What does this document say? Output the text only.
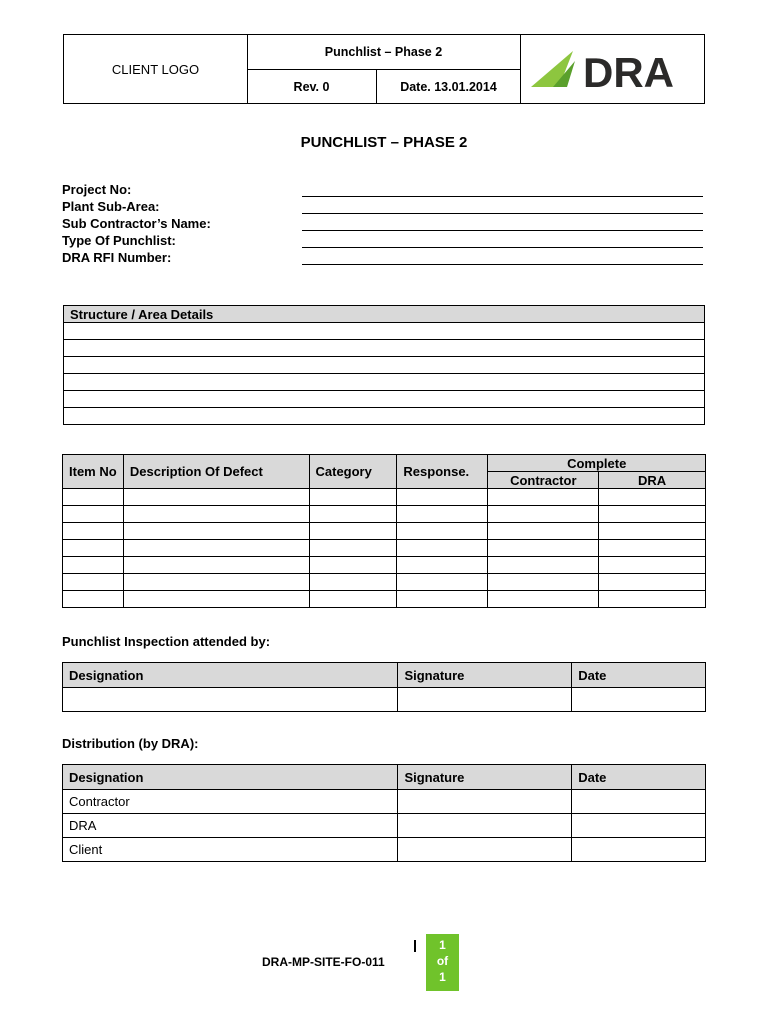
CLIENT LOGO
Punchlist – Phase 2
Rev. 0	Date. 13.01.2014	DRA
PUNCHLIST – PHASE 2
Project No:
Plant Sub-Area:
Sub Contractor’s Name:
Type Of Punchlist:
DRA RFI Number:
Structure / Area Details

Item No	Description Of Defect	Category	Response.	Complete	
				Contractor	DRA

Punchlist Inspection attended by:
Designation	Signature	Date

Distribution (by DRA):
Designation	Signature	Date
Contractor		
DRA		
Client		
DRA-MP-SITE-FO-011
1
of
1
